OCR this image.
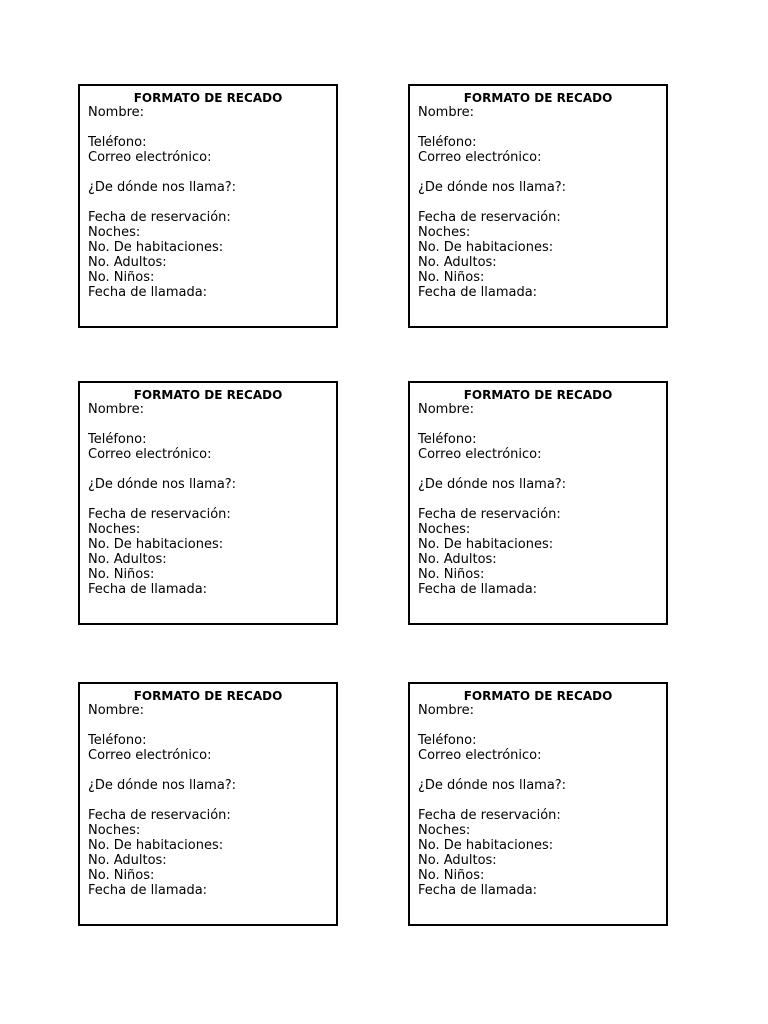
FORMATO DE RECADO
Nombre:
Teléfono:
Correo electrónico:
¿De dónde nos llama?:
Fecha de reservación:
Noches:
No. De habitaciones:
No. Adultos:
No. Niños:
Fecha de llamada:
FORMATO DE RECADO
Nombre:
Teléfono:
Correo electrónico:
¿De dónde nos llama?:
Fecha de reservación:
Noches:
No. De habitaciones:
No. Adultos:
No. Niños:
Fecha de llamada:
FORMATO DE RECADO
Nombre:
Teléfono:
Correo electrónico:
¿De dónde nos llama?:
Fecha de reservación:
Noches:
No. De habitaciones:
No. Adultos:
No. Niños:
Fecha de llamada:
FORMATO DE RECADO
Nombre:
Teléfono:
Correo electrónico:
¿De dónde nos llama?:
Fecha de reservación:
Noches:
No. De habitaciones:
No. Adultos:
No. Niños:
Fecha de llamada:
FORMATO DE RECADO
Nombre:
Teléfono:
Correo electrónico:
¿De dónde nos llama?:
Fecha de reservación:
Noches:
No. De habitaciones:
No. Adultos:
No. Niños:
Fecha de llamada:
FORMATO DE RECADO
Nombre:
Teléfono:
Correo electrónico:
¿De dónde nos llama?:
Fecha de reservación:
Noches:
No. De habitaciones:
No. Adultos:
No. Niños:
Fecha de llamada:
